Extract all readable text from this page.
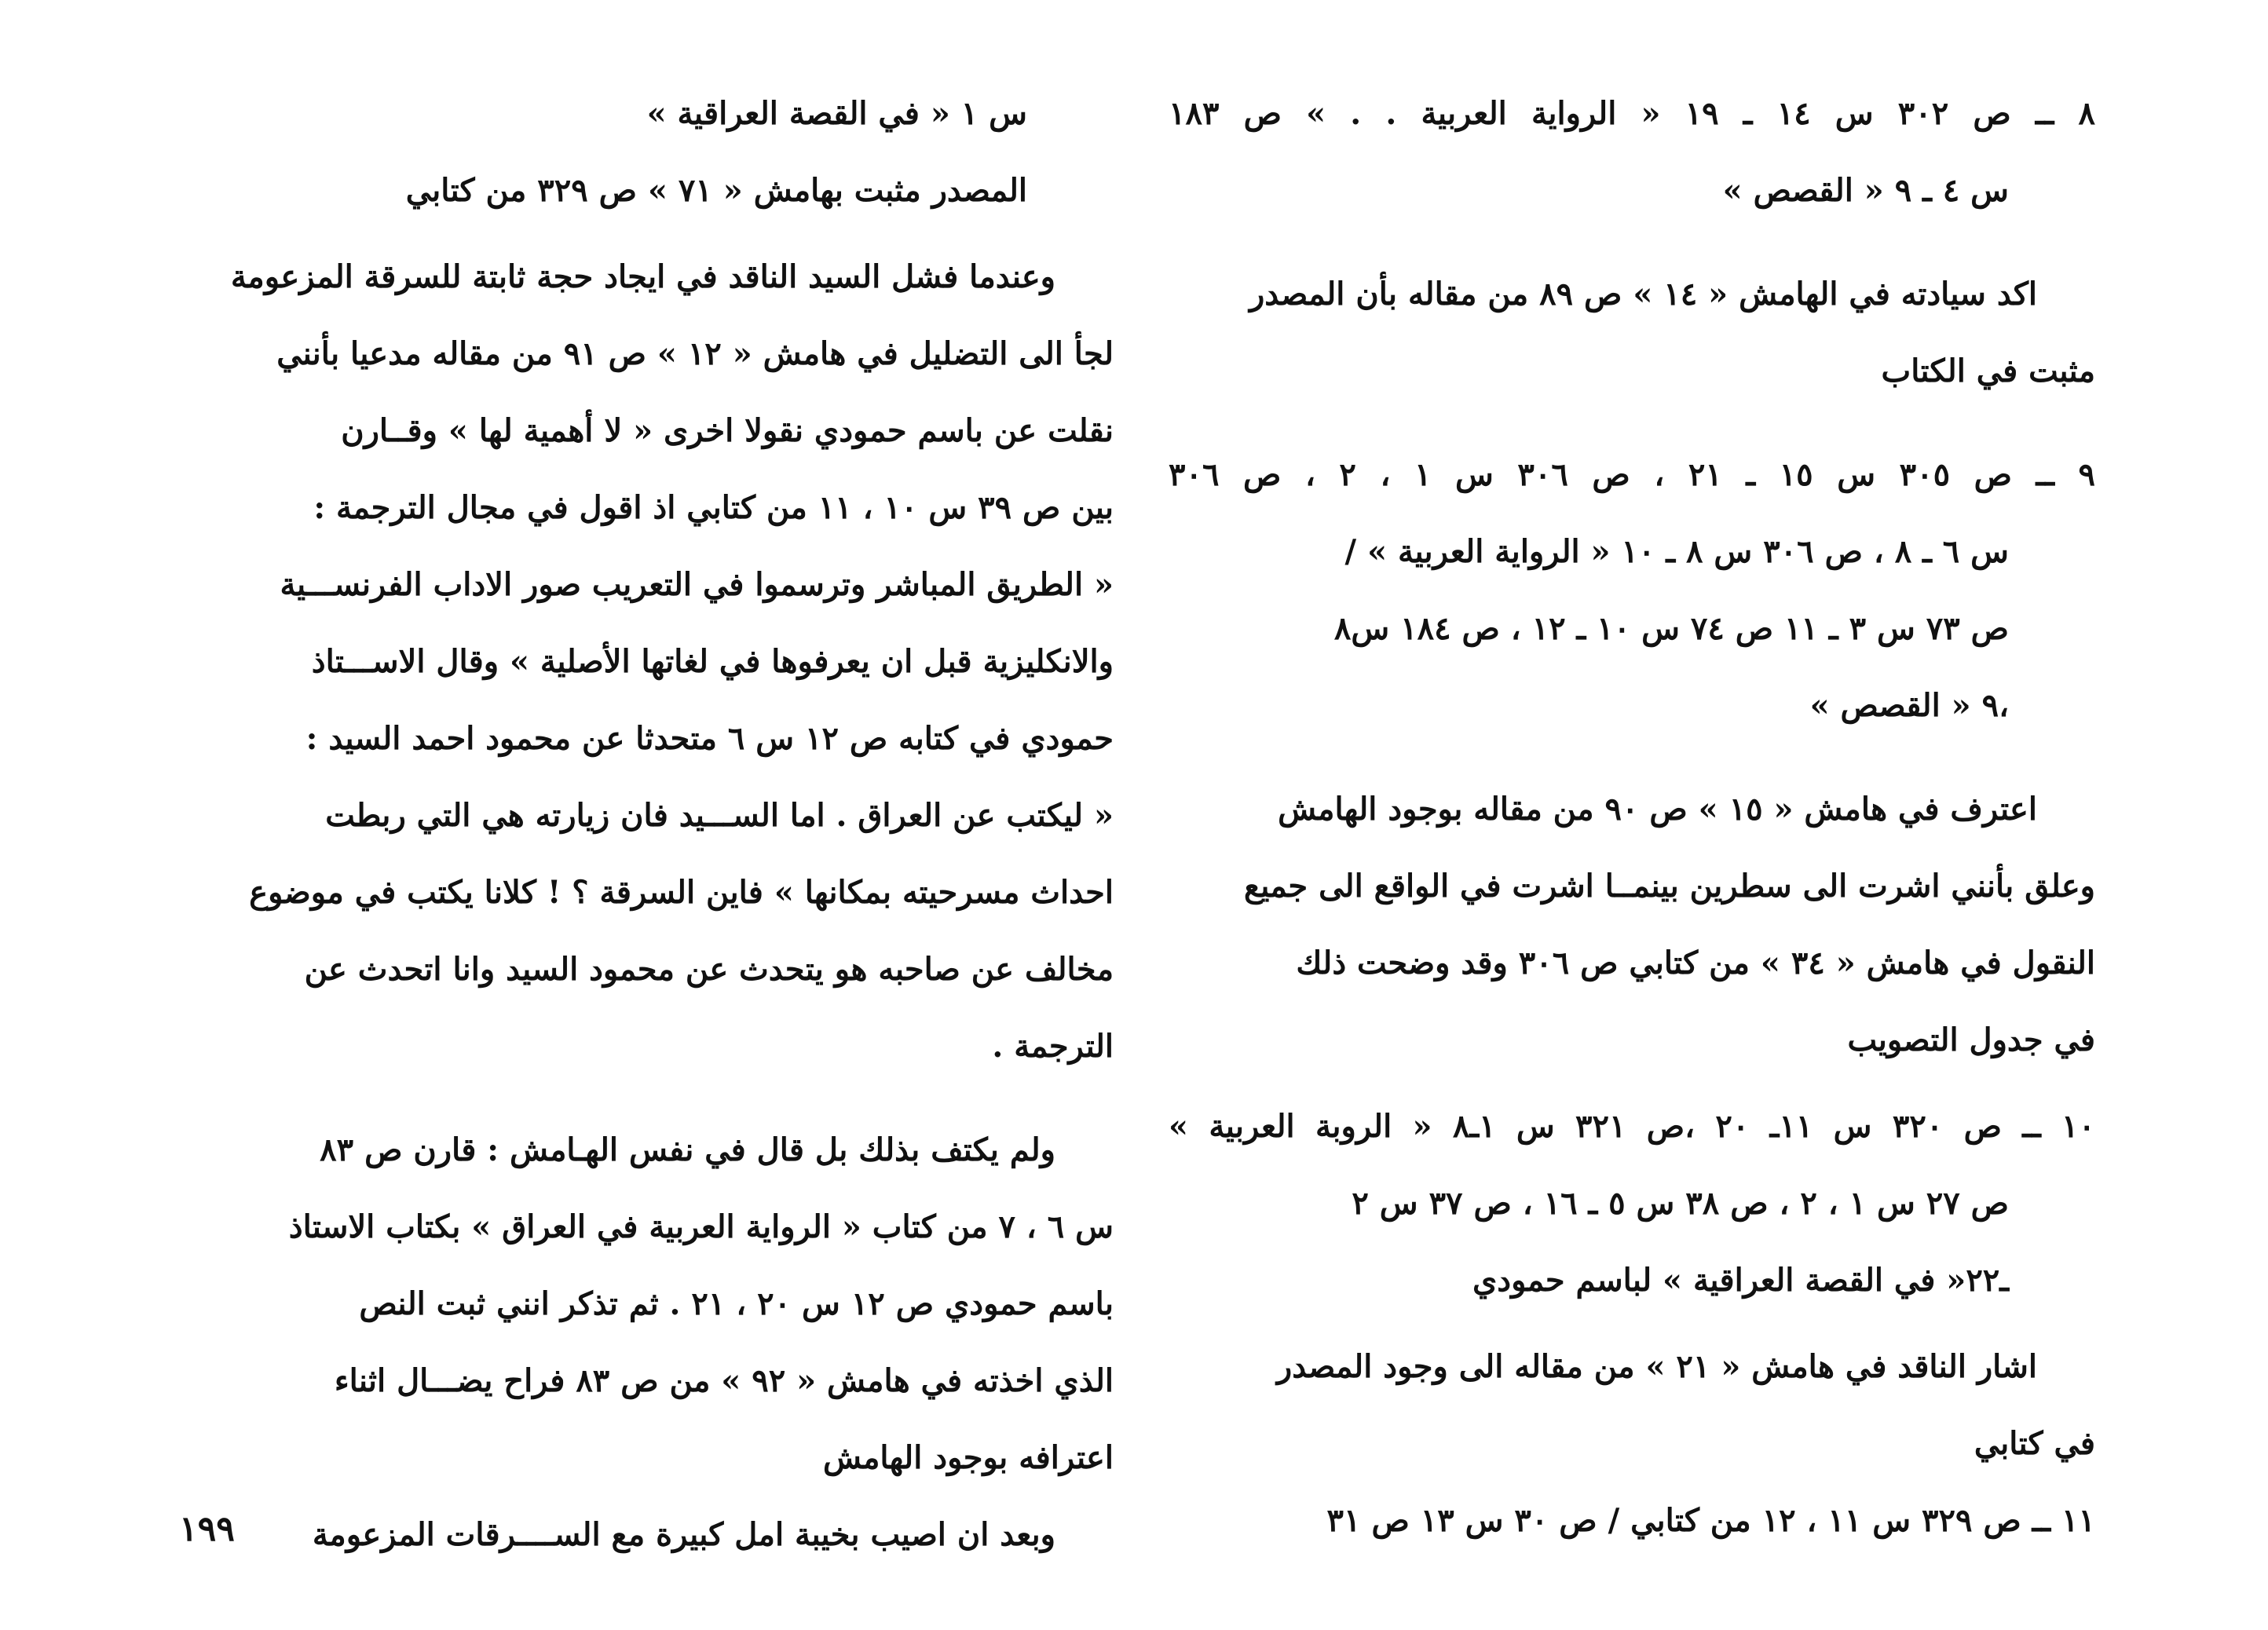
٨ ــ ص ٣٠٢ س ١٤ ـ ١٩ « الرواية العربية . . » ص ١٨٣
س ٤ ـ ٩ « القصص »
اكد سيادته في الهامش « ١٤ » ص ٨٩ من مقاله بأن المصدر
مثبت في الكتاب
٩ ــ ص ٣٠٥ س ١٥ ـ ٢١ ، ص ٣٠٦ س ١ ، ٢ ، ص ٣٠٦
س ٦ ـ ٨ ، ص ٣٠٦ س ٨ ـ ١٠ « الرواية العربية » /
ص ٧٣ س ٣ ـ ١١ ص ٧٤ س ١٠ ـ ١٢ ، ص ١٨٤ س٨
،٩ « القصص »
اعترف في هامش « ١٥ » ص ٩٠ من مقاله بوجود الهامش
وعلق بأنني اشرت الى سطرين بينمــا اشرت في الواقع الى جميع
النقول في هامش « ٣٤ » من كتابي ص ٣٠٦ وقد وضحت ذلك
في جدول التصويب
١٠ ــ ص ٣٢٠ س ١١ـ ٢٠ ،ص ٣٢١ س ١ـ٨ « الروبة العربية »
ص ٢٧ س ١ ، ٢ ، ص ٣٨ س ٥ ـ ١٦ ، ص ٣٧ س ٢
ـ٢٢« في القصة العراقية » لباسم حمودي
اشار الناقد في هامش « ٢١ » من مقاله الى وجود المصدر
في كتابي
١١ ــ ص ٣٢٩ س ١١ ، ١٢ من كتابي / ص ٣٠ س ١٣ ص ٣١
س ١ « في القصة العراقية »
المصدر مثبت بهامش « ٧١ » ص ٣٢٩ من كتابي
وعندما فشل السيد الناقد في ايجاد حجة ثابتة للسرقة المزعومة
لجأ الى التضليل في هامش « ١٢ » ص ٩١ من مقاله مدعيا بأنني
نقلت عن باسم حمودي نقولا اخرى « لا أهمية لها » وقــارن
بين ص ٣٩ س ١٠ ، ١١ من كتابي اذ اقول في مجال الترجمة :
« الطريق المباشر وترسموا في التعريب صور الاداب الفرنســـية
والانكليزية قبل ان يعرفوها في لغاتها الأصلية » وقال الاســـتاذ
حمودي في كتابه ص ١٢ س ٦ متحدثا عن محمود احمد السيد :
« ليكتب عن العراق . اما الســـيد فان زيارته هي التي ربطت
احداث مسرحيته بمكانها » فاين السرقة ؟ ! كلانا يكتب في موضوع
مخالف عن صاحبه هو يتحدث عن محمود السيد وانا اتحدث عن
الترجمة .
ولم يكتف بذلك بل قال في نفس الهـامش : قارن ص ٨٣
س ٦ ، ٧ من كتاب « الرواية العربية في العراق » بكتاب الاستاذ
باسم حمودي ص ١٢ س ٢٠ ، ٢١ . ثم تذكر انني ثبت النص
الذي اخذته في هامش « ٩٢ » من ص ٨٣ فراح يضـــال اثناء
اعترافه بوجود الهامش
وبعد ان اصيب بخيبة امل كبيرة مع الســــرقات المزعومة
١٩٩
